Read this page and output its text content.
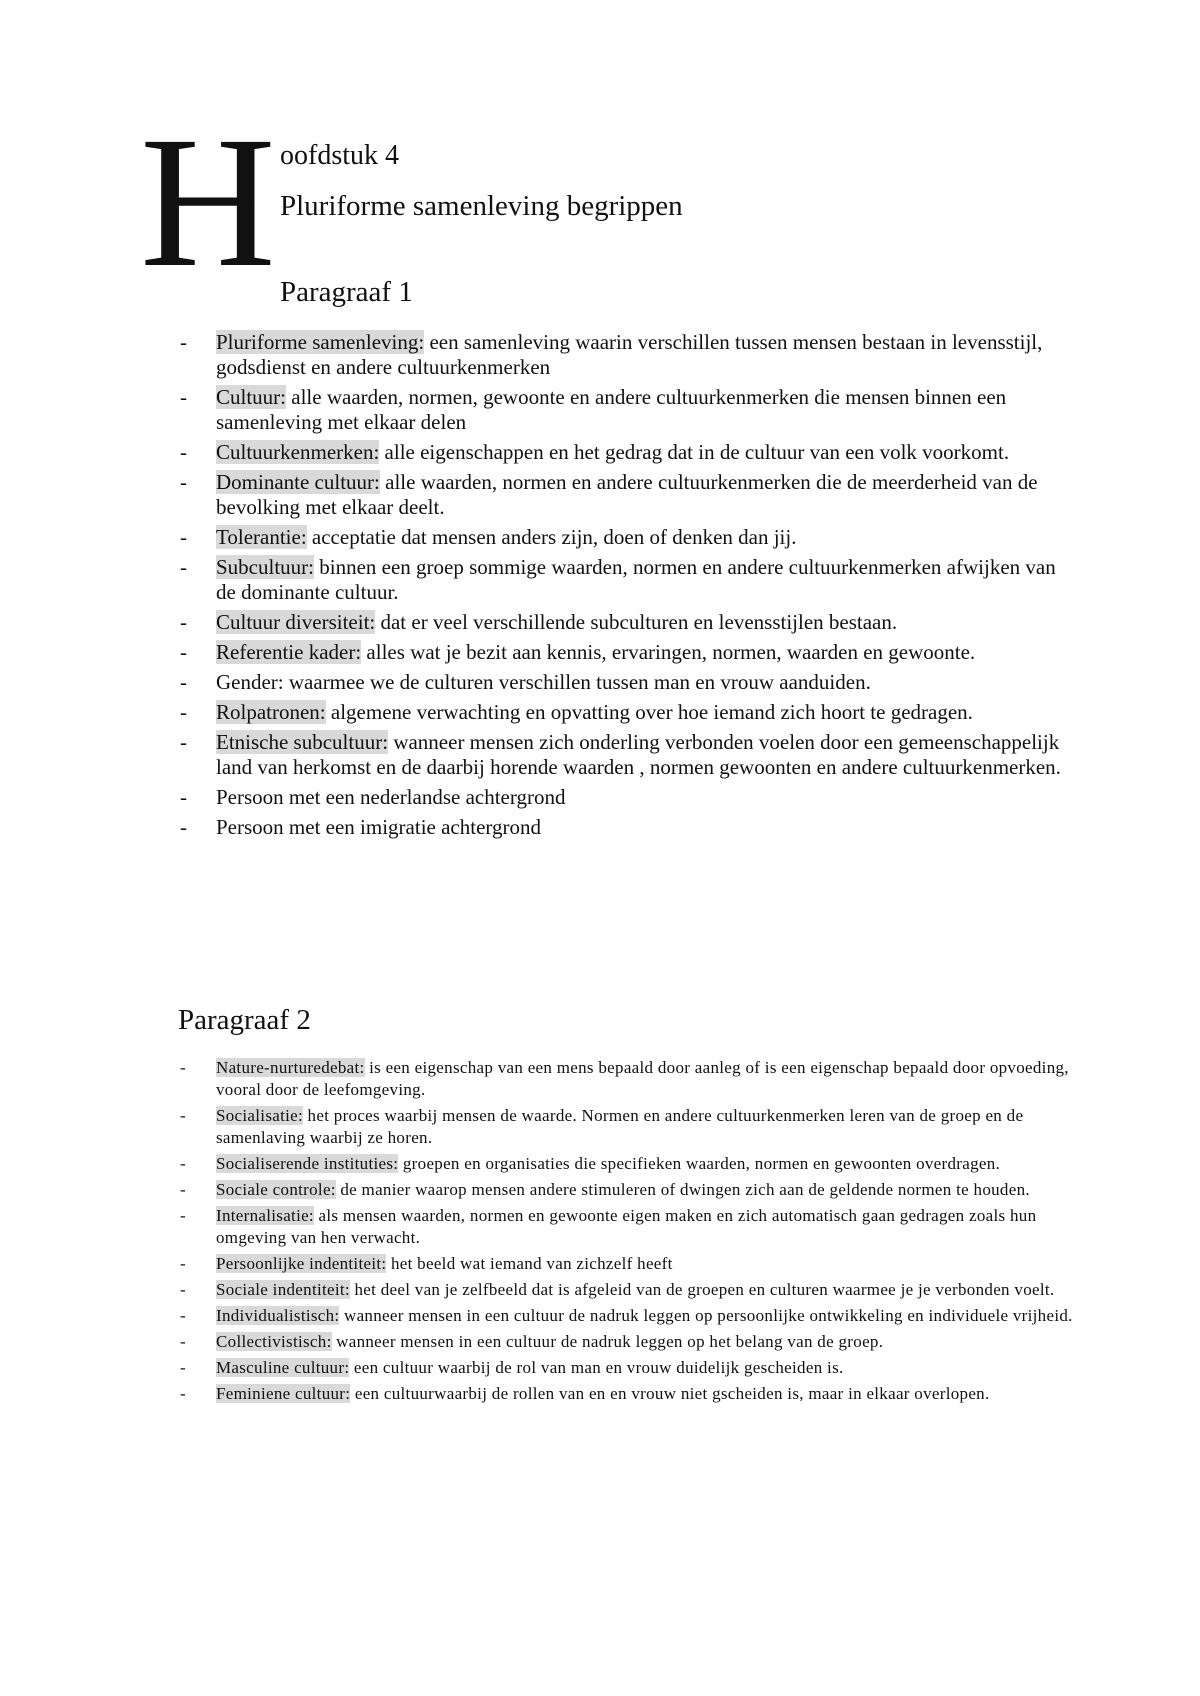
H oofdstuk 4
Pluriforme samenleving begrippen
Paragraaf 1
- Pluriforme samenleving: een samenleving waarin verschillen tussen mensen bestaan in levensstijl, godsdienst en andere cultuurkenmerken
- Cultuur: alle waarden, normen, gewoonte en andere cultuurkenmerken die mensen binnen een samenleving met elkaar delen
- Cultuurkenmerken: alle eigenschappen en het gedrag dat in de cultuur van een volk voorkomt.
- Dominante cultuur: alle waarden, normen en andere cultuurkenmerken die de meerderheid van de bevolking met elkaar deelt.
- Tolerantie: acceptatie dat mensen anders zijn, doen of denken dan jij.
- Subcultuur: binnen een groep sommige waarden, normen en andere cultuurkenmerken afwijken van de dominante cultuur.
- Cultuur diversiteit: dat er veel verschillende subculturen en levensstijlen bestaan.
- Referentie kader: alles wat je bezit aan kennis, ervaringen, normen, waarden en gewoonte.
- Gender: waarmee we de culturen verschillen tussen man en vrouw aanduiden.
- Rolpatronen: algemene verwachting en opvatting over hoe iemand zich hoort te gedragen.
- Etnische subcultuur: wanneer mensen zich onderling verbonden voelen door een gemeenschappelijk land van herkomst en de daarbij horende waarden , normen gewoonten en andere cultuurkenmerken.
- Persoon met een nederlandse achtergrond
- Persoon met een imigratie achtergrond
Paragraaf 2
- Nature-nurturedebat: is een eigenschap van een mens bepaald door aanleg of is een eigenschap bepaald door opvoeding, vooral door de leefomgeving.
- Socialisatie: het proces waarbij mensen de waarde. Normen en andere cultuurkenmerken leren van de groep en de samenlaving waarbij ze horen.
- Socialiserende instituties: groepen en organisaties die specifieken waarden, normen en gewoonten overdragen.
- Sociale controle: de manier waarop mensen andere stimuleren of dwingen zich aan de geldende normen te houden.
- Internalisatie: als mensen waarden, normen en gewoonte eigen maken en zich automatisch gaan gedragen zoals hun omgeving van hen verwacht.
- Persoonlijke indentiteit: het beeld wat iemand van zichzelf heeft
- Sociale indentiteit: het deel van je zelfbeeld dat is afgeleid van de groepen en culturen waarmee je je verbonden voelt.
- Individualistisch: wanneer mensen in een cultuur de nadruk leggen op persoonlijke ontwikkeling en individuele vrijheid.
- Collectivistisch: wanneer mensen in een cultuur de nadruk leggen op het belang van de groep.
- Masculine cultuur: een cultuur waarbij de rol van man en vrouw duidelijk gescheiden is.
- Feminiene cultuur: een cultuurwaarbij de rollen van en en vrouw niet gscheiden is, maar in elkaar overlopen.
